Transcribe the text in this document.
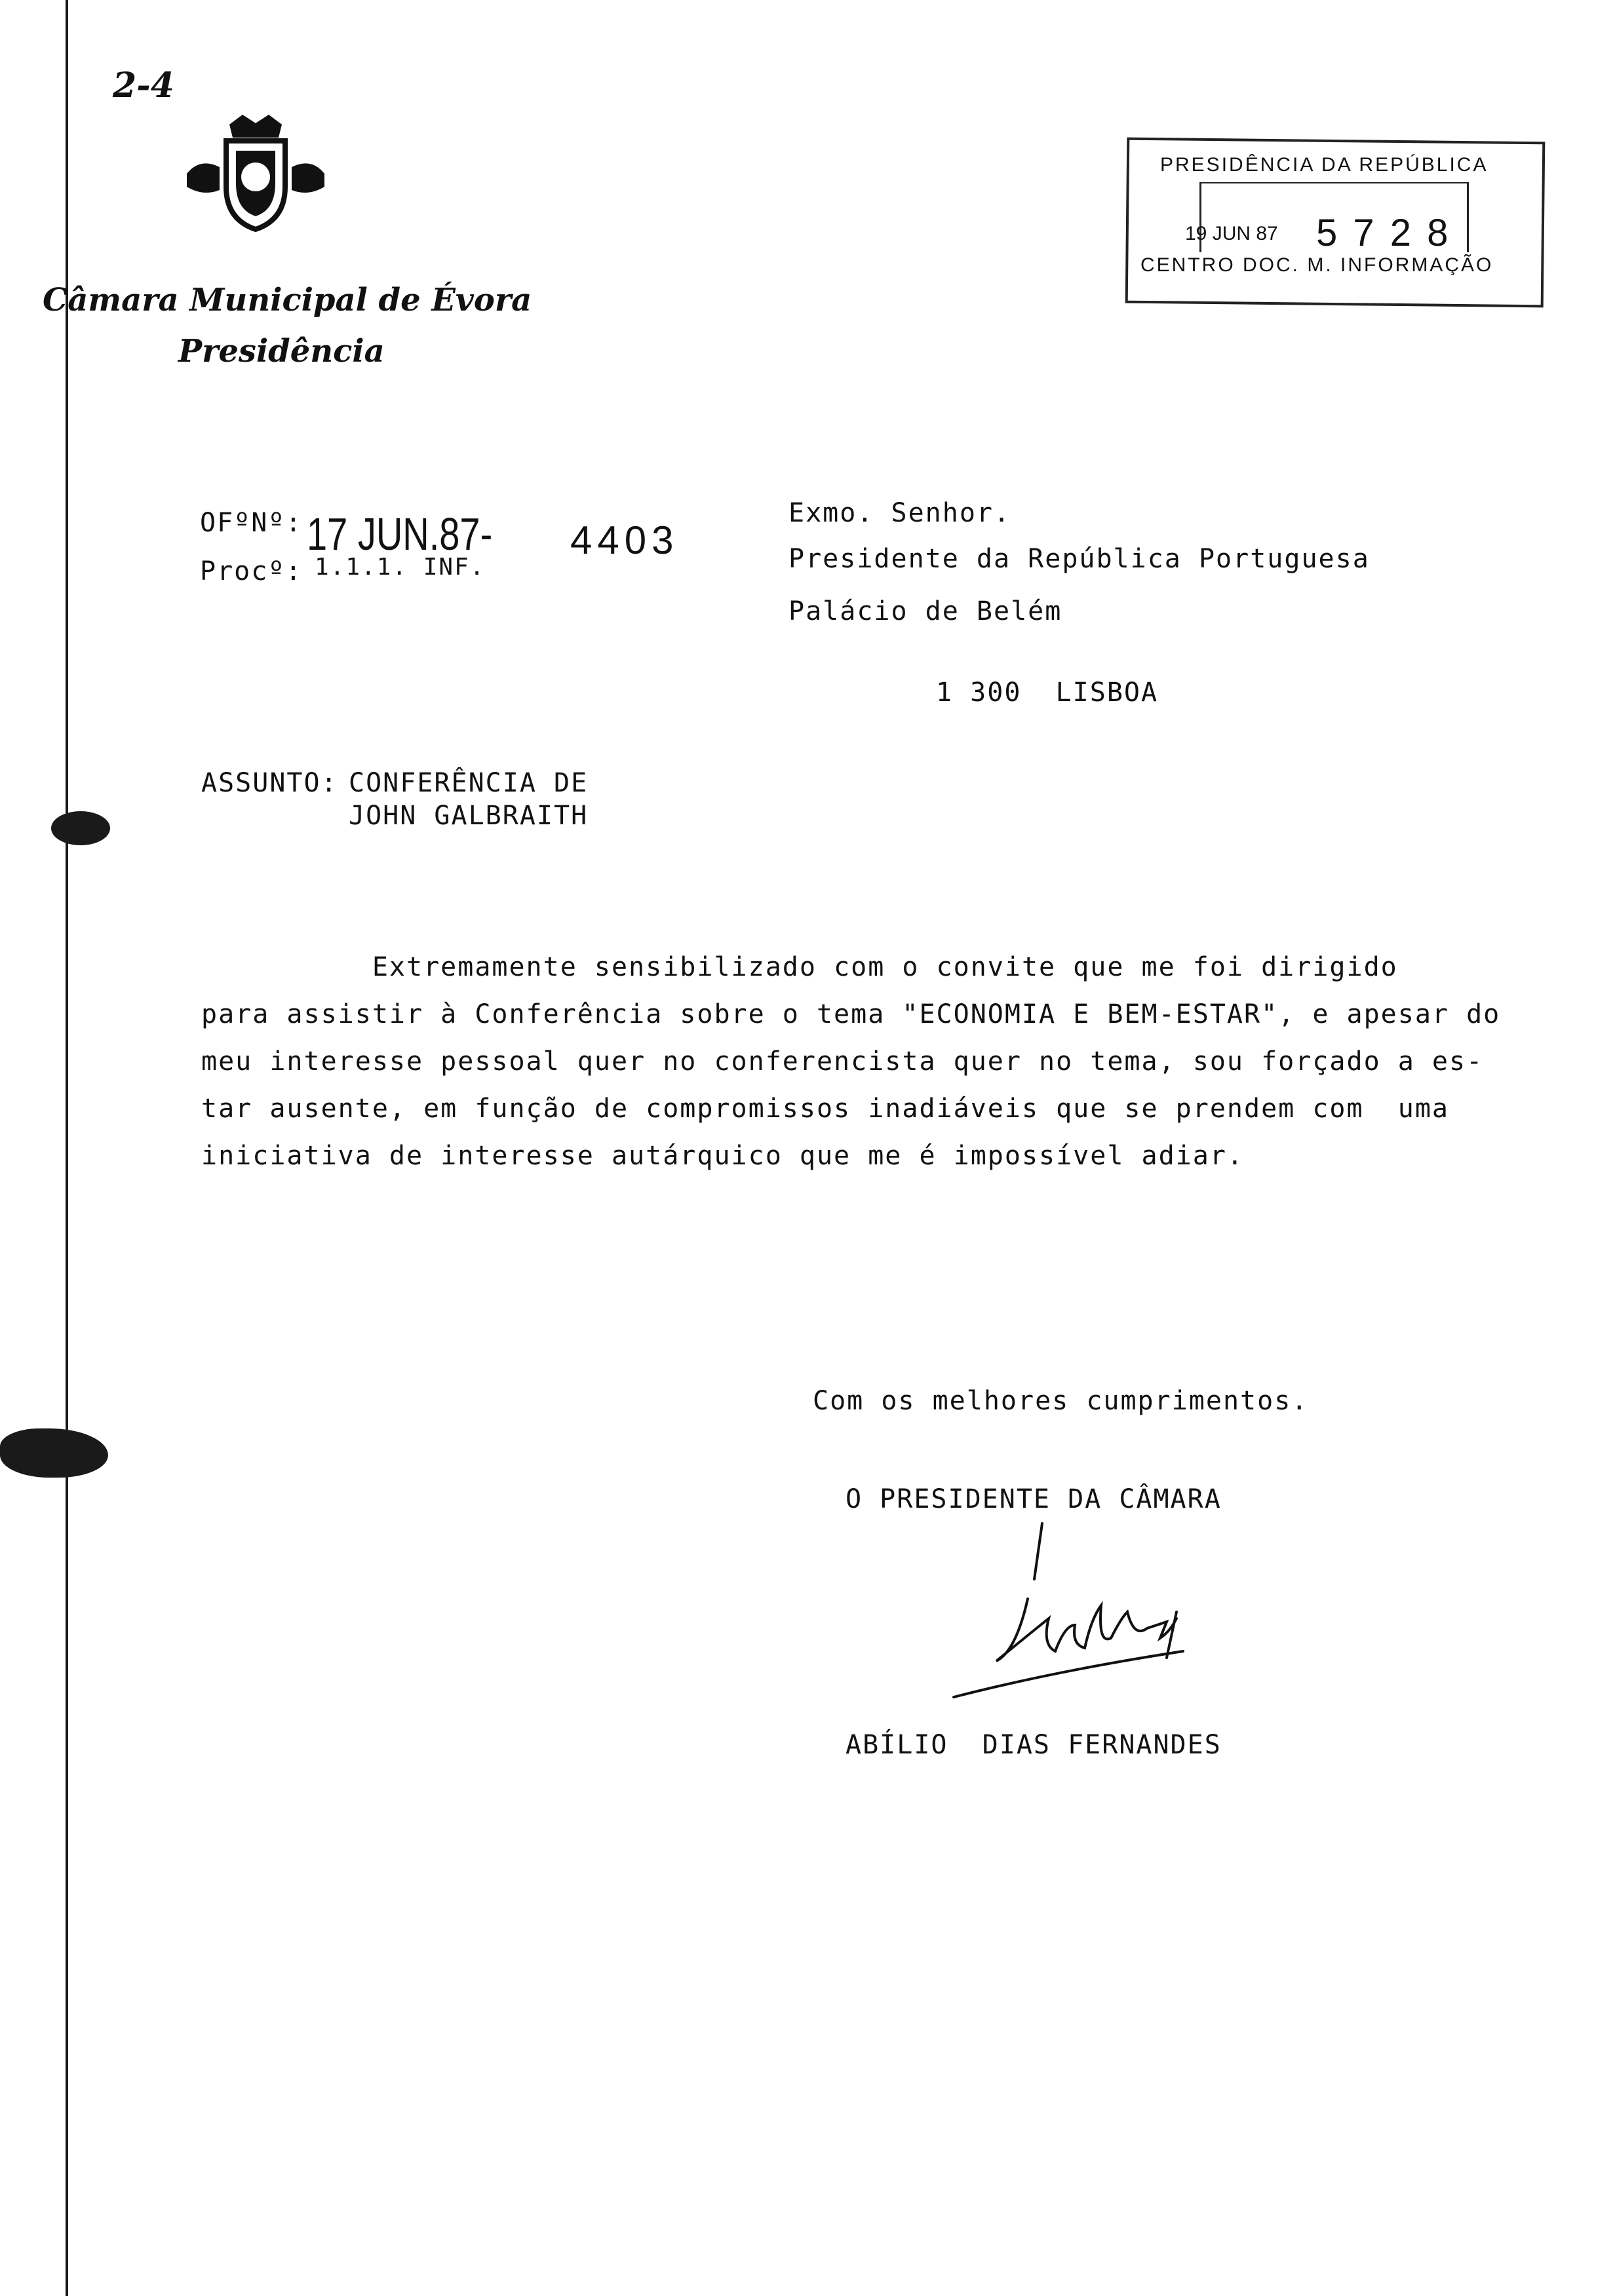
2-4
Câmara Municipal de Évora
Presidência
PRESIDÊNCIA DA REPÚBLICA
19 JUN 87 5 7 2 8
CENTRO DOC. M. INFORMAÇÃO
OFºNº: 17 JUN.87- 4403
Procº: 1.1.1. INF.
Exmo. Senhor.
Presidente da República Portuguesa
Palácio de Belém
1 300  LISBOA
ASSUNTO: CONFERÊNCIA DE
JOHN GALBRAITH
Extremamente sensibilizado com o convite que me foi dirigido
para assistir à Conferência sobre o tema "ECONOMIA E BEM-ESTAR", e apesar do
meu interesse pessoal quer no conferencista quer no tema, sou forçado a es-
tar ausente, em função de compromissos inadiáveis que se prendem com  uma
iniciativa de interesse autárquico que me é impossível adiar.
Com os melhores cumprimentos.
O PRESIDENTE DA CÂMARA
ABÍLIO  DIAS FERNANDES
